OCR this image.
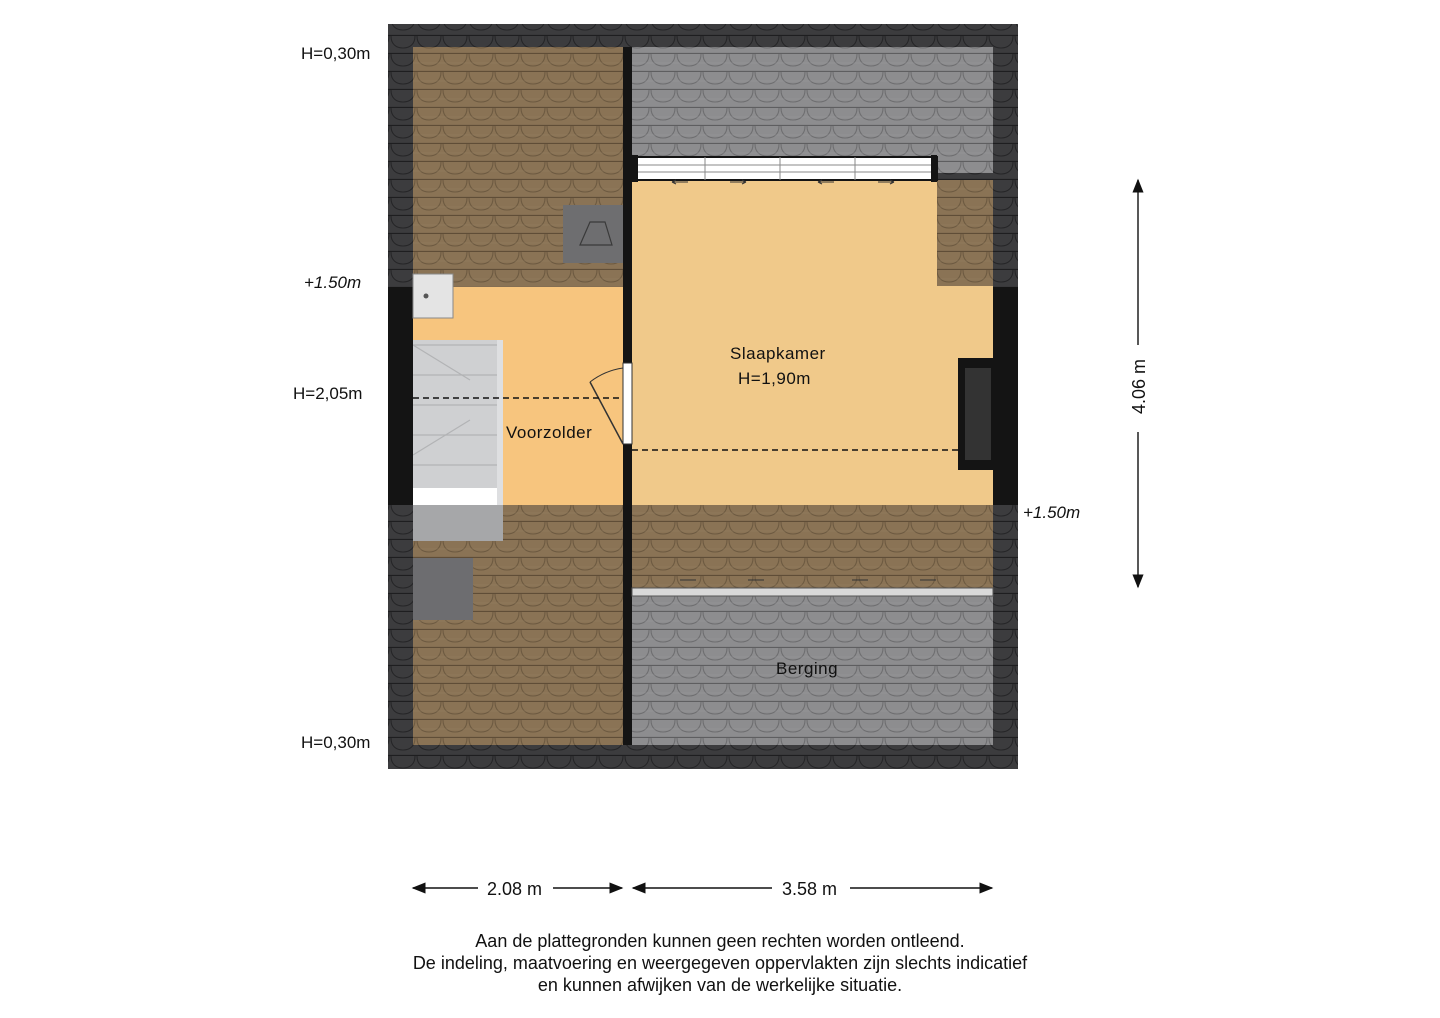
Slaapkamer
H=1,90m
Voorzolder
Berging
H=0,30m
+1.50m
H=2,05m
H=0,30m
+1.50m
2.08 m	3.58 m
4.06 m
Aan de plattegronden kunnen geen rechten worden ontleend.
De indeling, maatvoering en weergegeven oppervlakten zijn slechts indicatief
en kunnen afwijken van de werkelijke situatie.
